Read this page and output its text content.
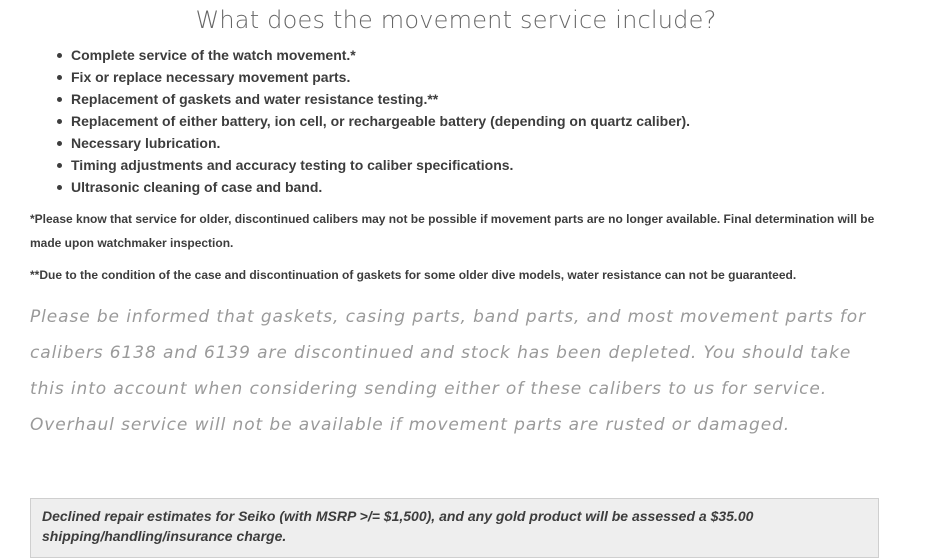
What does the movement service include?
Complete service of the watch movement.*
Fix or replace necessary movement parts.
Replacement of gaskets and water resistance testing.**
Replacement of either battery, ion cell, or rechargeable battery (depending on quartz caliber).
Necessary lubrication.
Timing adjustments and accuracy testing to caliber specifications.
Ultrasonic cleaning of case and band.

*Please know that service for older, discontinued calibers may not be possible if movement parts are no longer available. Final determination will be made upon watchmaker inspection.

**Due to the condition of the case and discontinuation of gaskets for some older dive models, water resistance can not be guaranteed.

Please be informed that gaskets, casing parts, band parts, and most movement parts for calibers 6138 and 6139 are discontinued and stock has been depleted. You should take this into account when considering sending either of these calibers to us for service. Overhaul service will not be available if movement parts are rusted or damaged.

Declined repair estimates for Seiko (with MSRP >/= $1,500), and any gold product will be assessed a $35.00 shipping/handling/insurance charge.
